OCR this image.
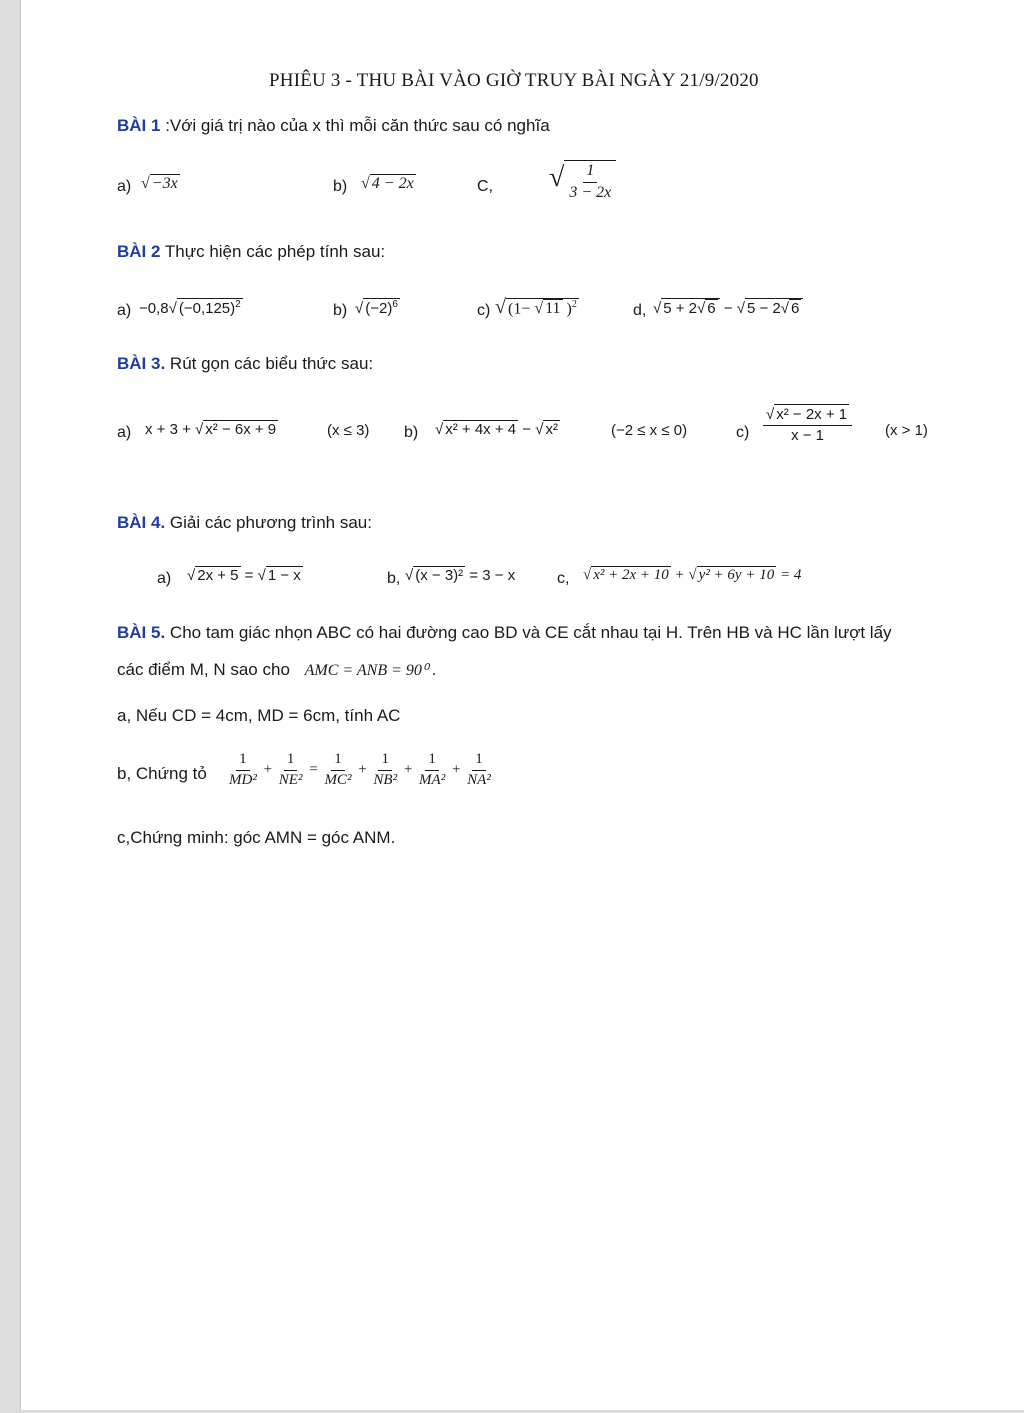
PHIÊU 3 - THU BÀI VÀO GIỜ TRUY BÀI NGÀY 21/9/2020
BÀI 1 :Với giá trị nào của x thì mỗi căn thức sau có nghĩa
a) √ −3x	b) √ 4 − 2x	C, √ $\frac{1}{3 - 2x}$
BÀI 2 Thực hiện các phép tính sau:
a) −0,8√ $(-0,125)^2$	b) √ $(-2)^6$	c) √ (1− √ 11 )$^2$	d, √ 5 + 2√ 6 − √ 5 − 2√ 6
BÀI 3. Rút gọn các biểu thức sau:
a) x + 3 + √ x² − 6x + 9	(x ≤ 3) b) √ x² + 4x + 4 − √ x²	(−2 ≤ x ≤ 0)	$c) \frac{\text{√ x² − 2x + 1}}{x - 1} (x > 1)$
BÀI 4. Giải các phương trình sau:
a) √ 2x + 5 = √ 1 − x	b, √ (x − 3)² = 3 − x	c, √ x² + 2x + 10 + √ y² + 6y + 10 = 4
BÀI 5. Cho tam giác nhọn ABC có hai đường cao BD và CE cắt nhau tại H. Trên HB và HC lần lượt lấy
các điểm M, N sao cho AMC = ANB = 90⁰ .
a, Nếu CD = 4cm, MD = 6cm, tính AC
b, Chứng tỏ $\frac{1}{\text{MD²}} + \frac{1}{\text{NE²}} = \frac{1}{\text{MC²}} + \frac{1}{\text{NB²}} + \frac{1}{\text{MA²}} + \frac{1}{\text{NA²}}$
c,Chứng minh: góc AMN = góc ANM.
